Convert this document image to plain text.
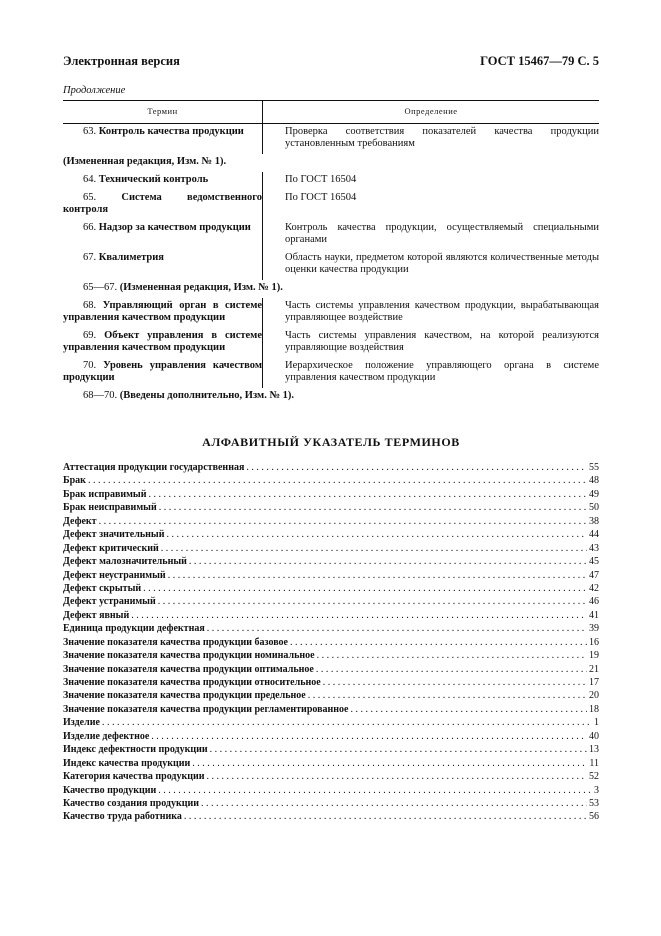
Электронная версия	ГОСТ 15467—79 С. 5
Продолжение
Термин	Определение
63. Контроль качества продукции	Проверка соответствия показателей качества продукции установленным требованиям
(Измененная редакция, Изм. № 1).	
64. Технический контроль	По ГОСТ 16504
65. Система ведомственного контроля	По ГОСТ 16504
66. Надзор за качеством продукции	Контроль качества продукции, осуществляемый специальными органами
67. Квалиметрия	Область науки, предметом которой являются количественные методы оценки качества продукции
65—67. (Измененная редакция, Изм. № 1).	
68. Управляющий орган в системе управления качеством продукции	Часть системы управления качеством продукции, вырабатывающая управляющее воздействие
69. Объект управления в системе управления качеством продукции	Часть системы управления качеством, на которой реализуются управляющие воздействия
70. Уровень управления качеством продукции	Иерархическое положение управляющего органа в системе управления качеством продукции
68—70. (Введены дополнительно, Изм. № 1).	
АЛФАВИТНЫЙ УКАЗАТЕЛЬ ТЕРМИНОВ
Аттестация продукции государственная . . .	55
Брак . . .	48
Брак исправимый . . .	49
Брак неисправимый . . .	50
Дефект . . .	38
Дефект значительный . . .	44
Дефект критический . . .	43
Дефект малозначительный . . .	45
Дефект неустранимый . . .	47
Дефект скрытый . . .	42
Дефект устранимый . . .	46
Дефект явный . . .	41
Единица продукции дефектная . . .	39
Значение показателя качества продукции базовое . . .	16
Значение показателя качества продукции номинальное . . .	19
Значение показателя качества продукции оптимальное . . .	21
Значение показателя качества продукции относительное . . .	17
Значение показателя качества продукции предельное . . .	20
Значение показателя качества продукции регламентированное . . .	18
Изделие . . .	1
Изделие дефектное . . .	40
Индекс дефектности продукции . . .	13
Индекс качества продукции . . .	11
Категория качества продукции . . .	52
Качество продукции . . .	3
Качество создания продукции . . .	53
Качество труда работника . . .	56
